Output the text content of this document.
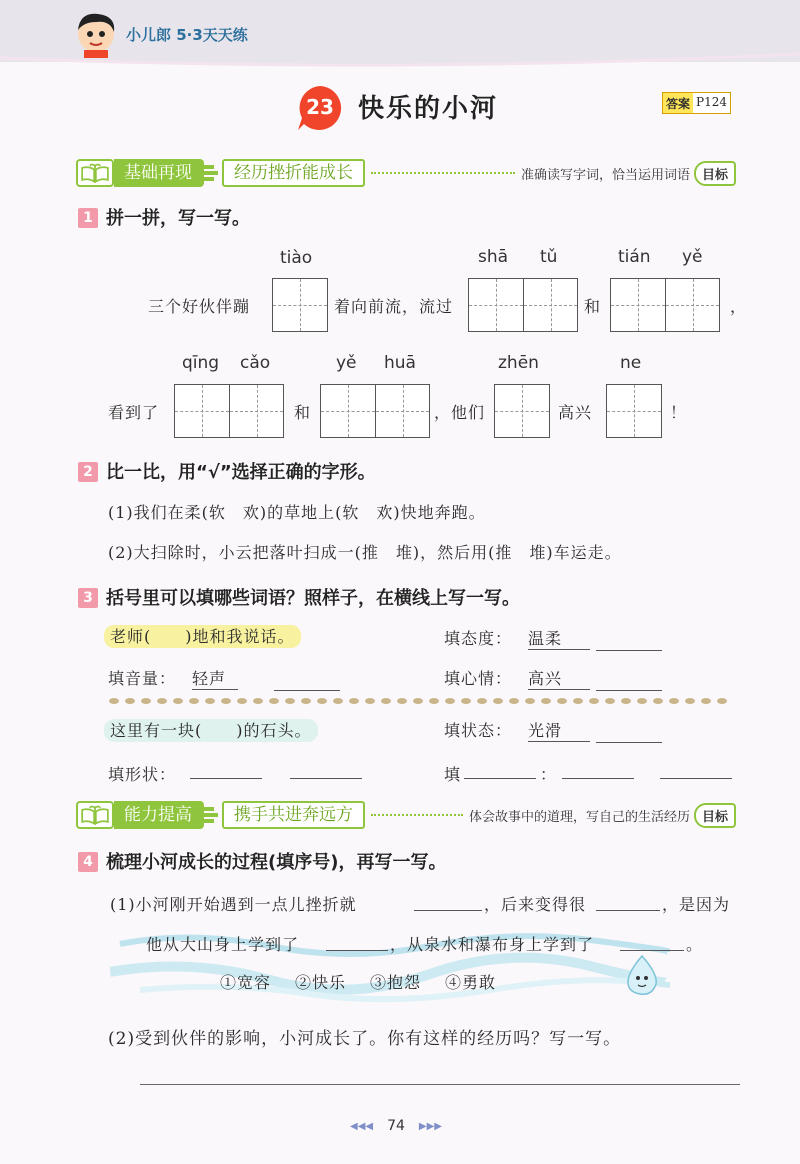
小儿郎 5·3天天练
23 快乐的小河	答案 P124
基础再现	经历挫折能成长	准确读写字词，恰当运用词语 目标
1 拼一拼，写一写。
tiào	shā tǔ	tián yě
三个好伙伴蹦	着向前流，流过	和	，
qīng cǎo	yě huā	zhēn	ne
看到了	和	，他们	高兴	！
2 比一比，用“√”选择正确的字形。
(1)我们在柔(软　欢)的草地上(软　欢)快地奔跑。
(2)大扫除时，小云把落叶扫成一(推　堆)，然后用(推　堆)车运走。
3 括号里可以填哪些词语？照样子，在横线上写一写。
老师(　　)地和我说话。	填态度： 温柔
填音量： 轻声	填心情： 高兴
这里有一块(　　)的石头。	填状态： 光滑
填形状：	填	：
能力提高	携手共进奔远方	体会故事中的道理，写自己的生活经历 目标
4 梳理小河成长的过程(填序号)，再写一写。
(1)小河刚开始遇到一点儿挫折就	，后来变得很	，是因为
他从大山身上学到了	，从泉水和瀑布身上学到了	。
①宽容 ②快乐 ③抱怨 ④勇敢
(2)受到伙伴的影响，小河成长了。你有这样的经历吗？写一写。
◀◀◀ 74 ▶▶▶
